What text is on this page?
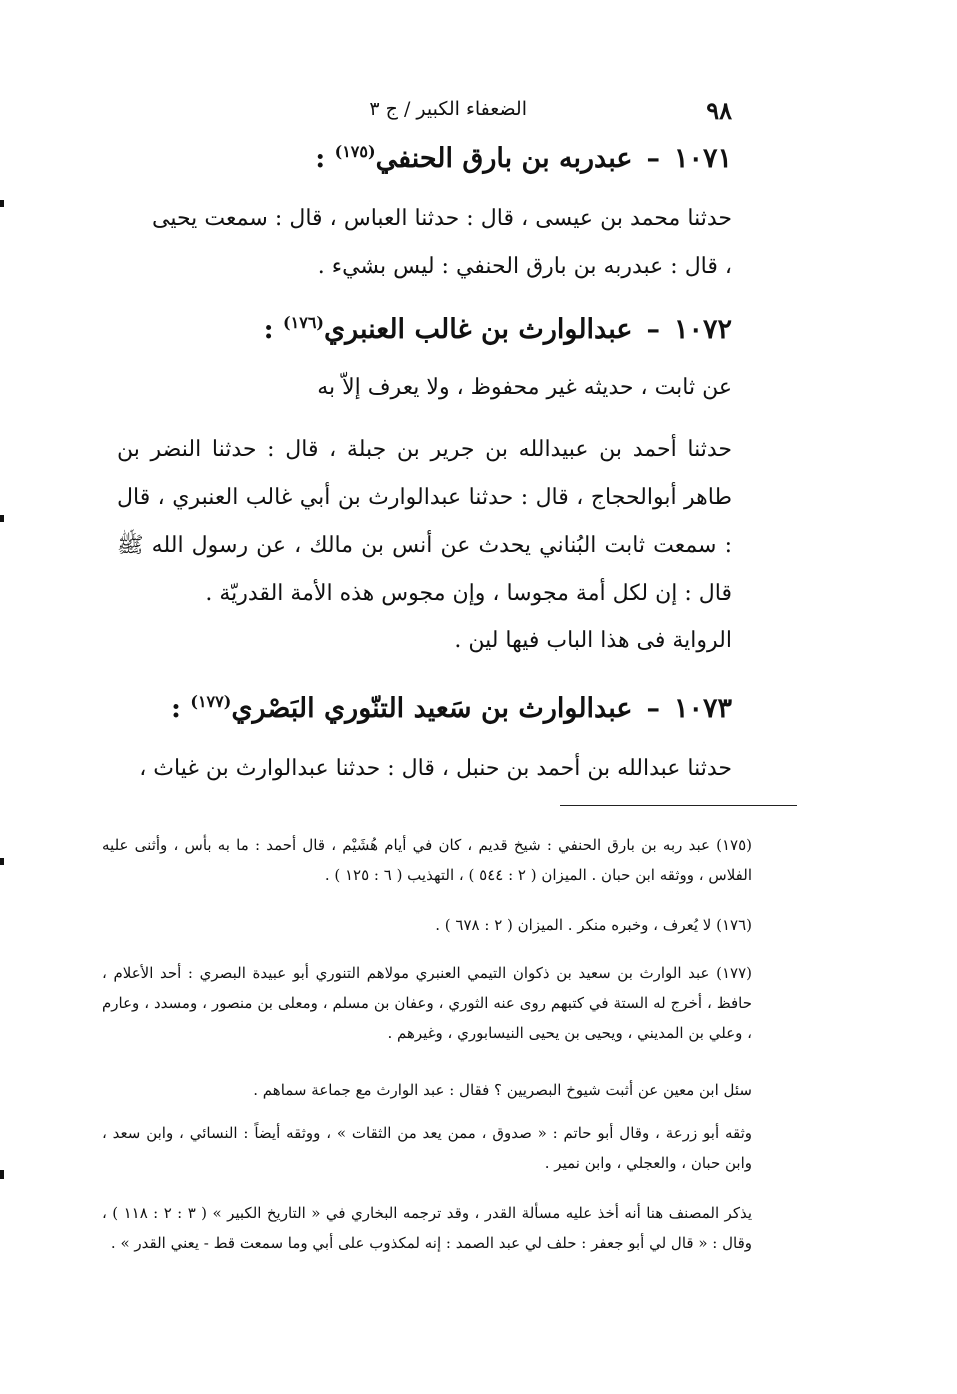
٩٨
الضعفاء الكبير / ج ٣
١٠٧١–عبدربه بن بارق الحنفي$^{(١٧٥)}$ :
حدثنا محمد بن عيسى ، قال : حدثنا العباس ، قال : سمعت يحيى ، قال : عبدربه بن بارق الحنفي : ليس بشيء .
١٠٧٢–عبدالوارث بن غالب العنبري$^{(١٧٦)}$ :
عن ثابت ، حديثه غير محفوظ ، ولا يعرف إلاّ به
حدثنا أحمد بن عبيدالله بن جرير بن جبلة ، قال : حدثنا النضر بن طاهر أبوالحجاج ، قال : حدثنا عبدالوارث بن أبي غالب العنبري ، قال : سمعت ثابت البُناني يحدث عن أنس بن مالك ، عن رسول الله ﷺ قال : إن لكل أمة مجوسا ، وإن مجوس هذه الأمة القدريّة .
الرواية فى هذا الباب فيها لين .
١٠٧٣–عبدالوارث بن سَعيد التنّوري البَصْري$^{(١٧٧)}$ :
حدثنا عبدالله بن أحمد بن حنبل ، قال : حدثنا عبدالوارث بن غياث ،
(١٧٥) عبد ربه بن بارق الحنفي : شيخ قديم ، كان في أيام هُشَيْم ، قال أحمد : ما به بأس ، وأثنى عليه الفلاس ، ووثقه ابن حبان . الميزان ( ٢ : ٥٤٤ ) ، التهذيب ( ٦ : ١٢٥ ) .
(١٧٦) لا يُعرف ، وخبره منكر . الميزان ( ٢ : ٦٧٨ ) .
(١٧٧) عبد الوارث بن سعيد بن ذكوان التيمي العنبري مولاهم التنوري أبو عبيدة البصري : أحد الأعلام ، حافظ ، أخرج له الستة في كتبهم روى عنه الثوري ، وعفان بن مسلم ، ومعلى بن منصور ، ومسدد ، وعارم ، وعلي بن المديني ، ويحيى بن يحيى النيسابوري ، وغيرهم .
سئل ابن معين عن أثبت شيوخ البصريين ؟ فقال : عبد الوارث مع جماعة سماهم .
وثقه أبو زرعة ، وقال أبو حاتم : « صدوق ، ممن يعد من الثقات » ، ووثقه أيضاً : النسائي ، وابن سعد ، وابن حبان ، والعجلي ، وابن نمير .
يذكر المصنف هنا أنه أخذ عليه مسألة القدر ، وقد ترجمه البخاري في « التاريخ الكبير » ( ٣ : ٢ : ١١٨ ) ، وقال : « قال لي أبو جعفر : حلف لي عبد الصمد : إنه لمكذوب على أبي وما سمعت قط - يعني القدر » .
